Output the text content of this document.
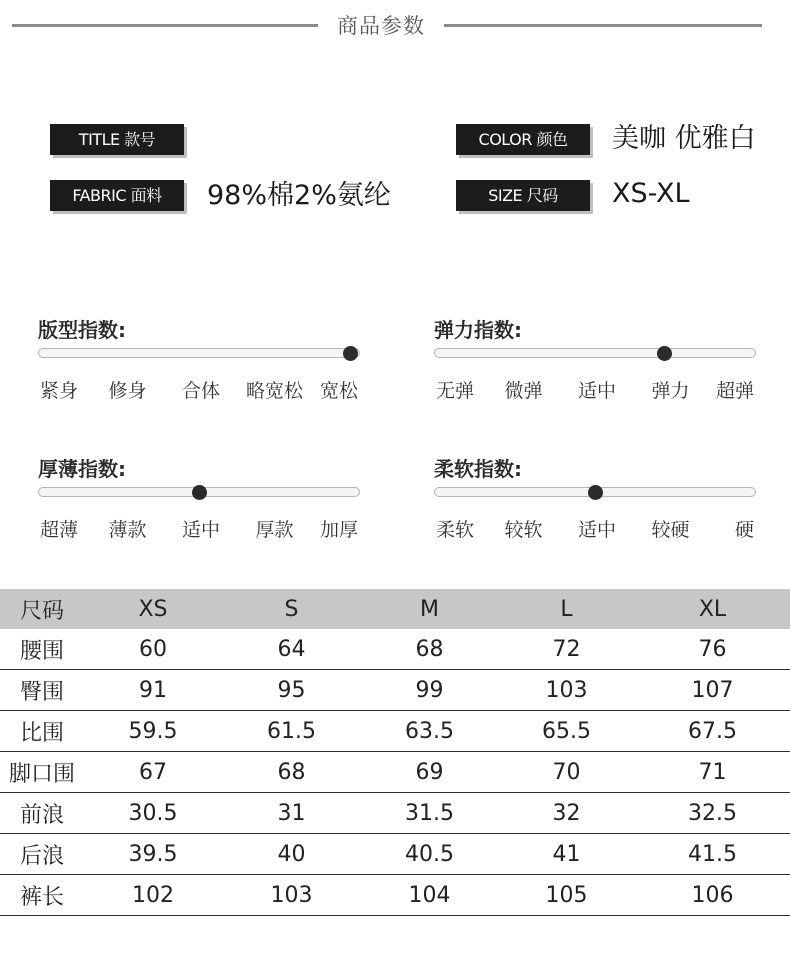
商品参数
TITLE 款号
FABRIC 面料	98%棉2%氨纶
COLOR 颜色	美咖 优雅白
SIZE 尺码	XS-XL
版型指数:
紧身 修身 合体 略宽松 宽松
弹力指数:
无弹 微弹 适中 弹力 超弹
厚薄指数:
超薄 薄款 适中 厚款 加厚
柔软指数:
柔软 较软 适中 较硬 硬
尺码	XS	S	M	L	XL
腰围	60	64	68	72	76
臀围	91	95	99	103	107
比围	59.5	61.5	63.5	65.5	67.5
脚口围	67	68	69	70	71
前浪	30.5	31	31.5	32	32.5
后浪	39.5	40	40.5	41	41.5
裤长	102	103	104	105	106
